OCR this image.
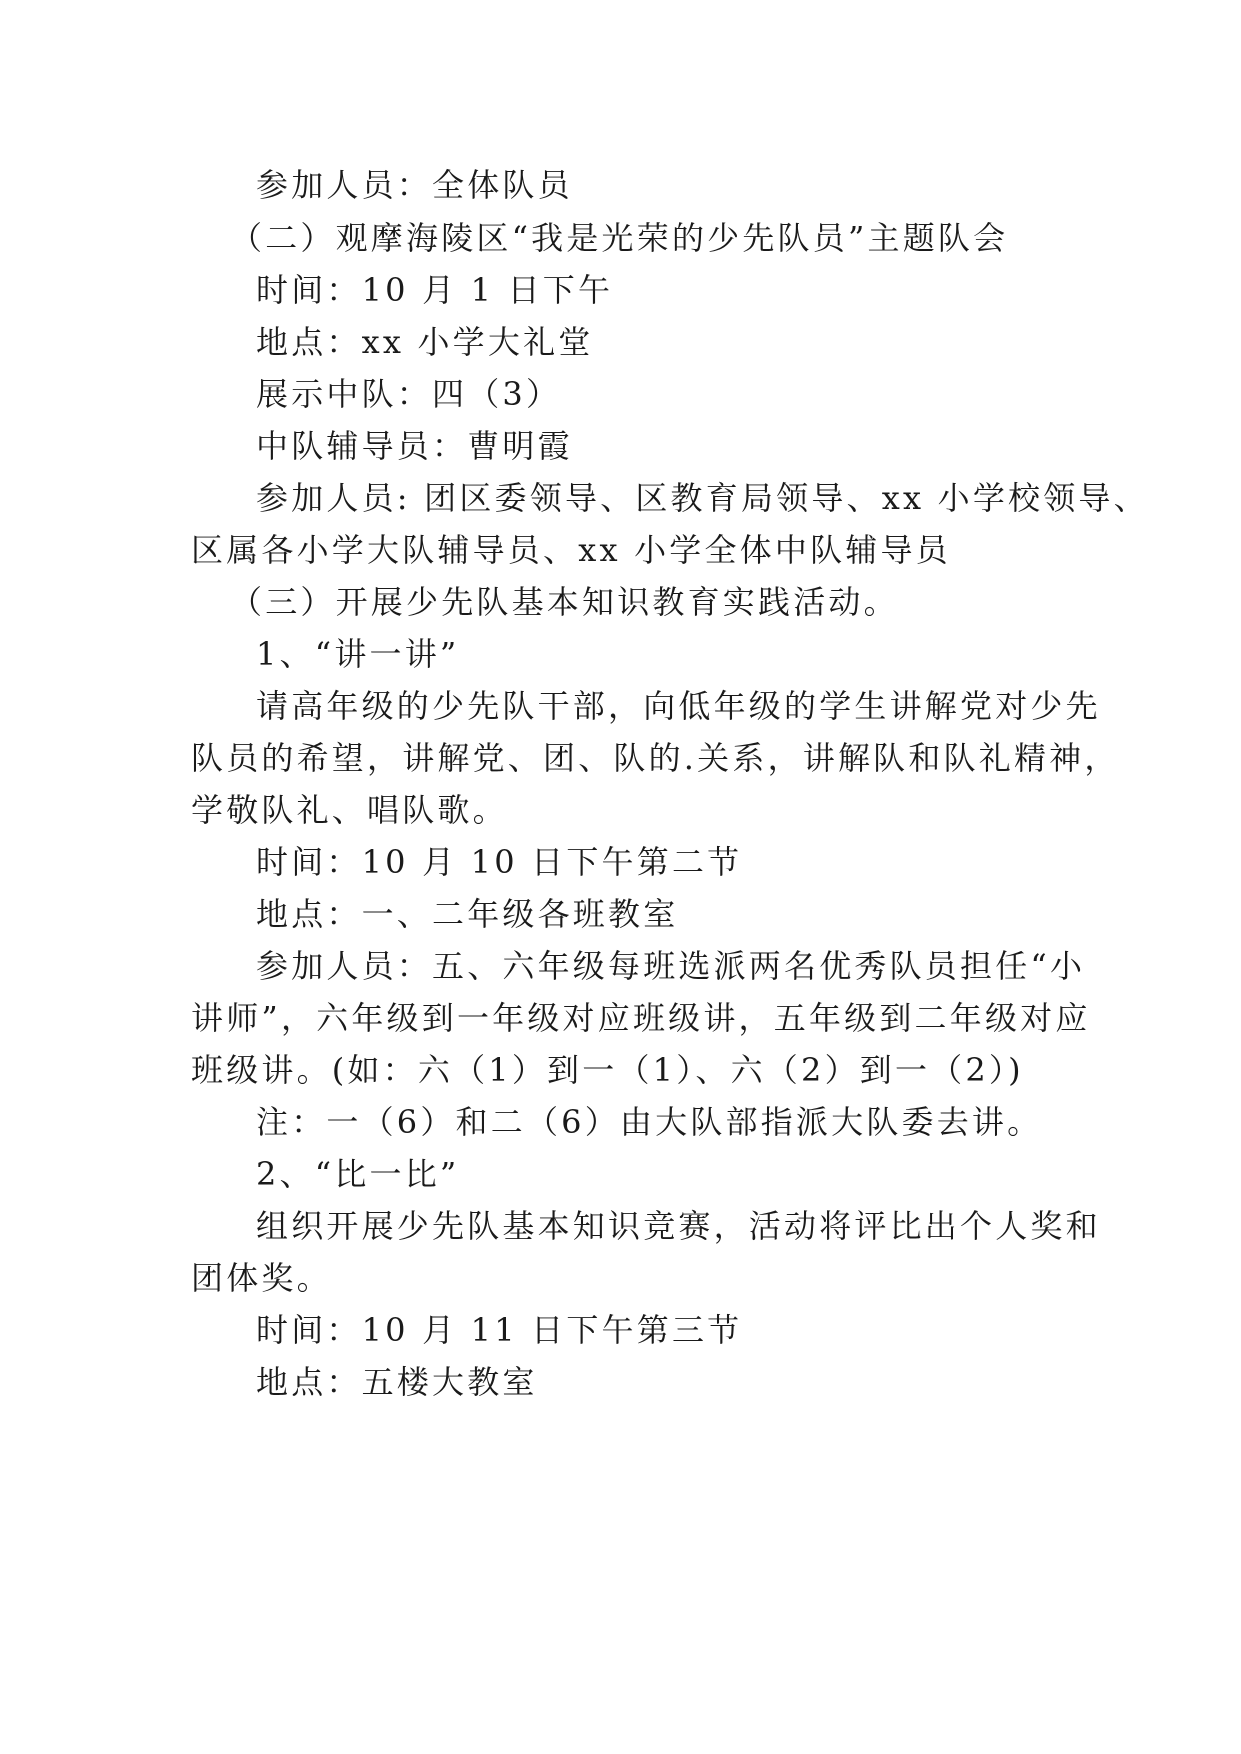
参加人员：全体队员
（二）观摩海陵区“我是光荣的少先队员”主题队会
时间：10 月 1 日下午
地点：xx 小学大礼堂
展示中队：四（3）
中队辅导员：曹明霞
参加人员: 团区委领导、区教育局领导、xx 小学校领导、
区属各小学大队辅导员、xx 小学全体中队辅导员
（三）开展少先队基本知识教育实践活动。
1、“讲一讲”
请高年级的少先队干部，向低年级的学生讲解党对少先
队员的希望，讲解党、团、队的.关系，讲解队和队礼精神，
学敬队礼、唱队歌。
时间：10 月 10 日下午第二节
地点：一、二年级各班教室
参加人员：五、六年级每班选派两名优秀队员担任“小
讲师”，六年级到一年级对应班级讲，五年级到二年级对应
班级讲。(如：六（1）到一（1）、六（2）到一（2）)
注：一（6）和二（6）由大队部指派大队委去讲。
2、“比一比”
组织开展少先队基本知识竞赛，活动将评比出个人奖和
团体奖。
时间：10 月 11 日下午第三节
地点：五楼大教室
